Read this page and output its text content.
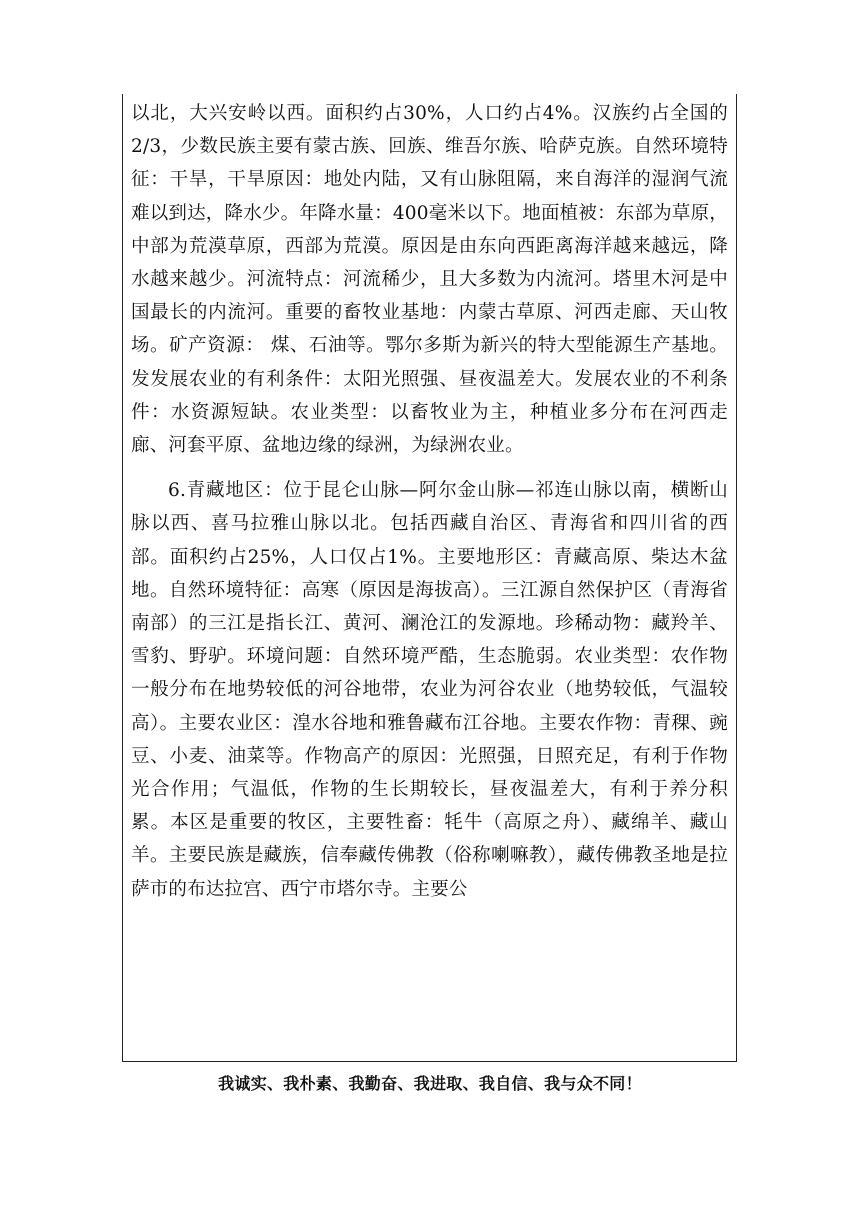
以北，大兴安岭以西。面积约占30%，人口约占4%。汉族约占全国的2/3，少数民族主要有蒙古族、回族、维吾尔族、哈萨克族。自然环境特征：干旱，干旱原因：地处内陆，又有山脉阻隔，来自海洋的湿润气流难以到达，降水少。年降水量：400毫米以下。地面植被：东部为草原，中部为荒漠草原，西部为荒漠。原因是由东向西距离海洋越来越远，降水越来越少。河流特点：河流稀少，且大多数为内流河。塔里木河是中国最长的内流河。重要的畜牧业基地：内蒙古草原、河西走廊、天山牧场。矿产资源： 煤、石油等。鄂尔多斯为新兴的特大型能源生产基地。发发展农业的有利条件：太阳光照强、昼夜温差大。发展农业的不利条件：水资源短缺。农业类型：以畜牧业为主，种植业多分布在河西走廊、河套平原、盆地边缘的绿洲，为绿洲农业。

6.青藏地区：位于昆仑山脉—阿尔金山脉—祁连山脉以南，横断山脉以西、喜马拉雅山脉以北。包括西藏自治区、青海省和四川省的西部。面积约占25%，人口仅占1%。主要地形区：青藏高原、柴达木盆地。自然环境特征：高寒（原因是海拔高）。三江源自然保护区（青海省南部）的三江是指长江、黄河、澜沧江的发源地。珍稀动物：藏羚羊、雪豹、野驴。环境问题：自然环境严酷，生态脆弱。农业类型：农作物一般分布在地势较低的河谷地带，农业为河谷农业（地势较低，气温较高）。主要农业区：湟水谷地和雅鲁藏布江谷地。主要农作物：青稞、豌豆、小麦、油菜等。作物高产的原因：光照强，日照充足，有利于作物光合作用；气温低，作物的生长期较长，昼夜温差大，有利于养分积累。本区是重要的牧区，主要牲畜：牦牛（高原之舟）、藏绵羊、藏山羊。主要民族是藏族，信奉藏传佛教（俗称喇嘛教），藏传佛教圣地是拉萨市的布达拉宫、西宁市塔尔寺。主要公

我诚实、我朴素、我勤奋、我进取、我自信、我与众不同！
